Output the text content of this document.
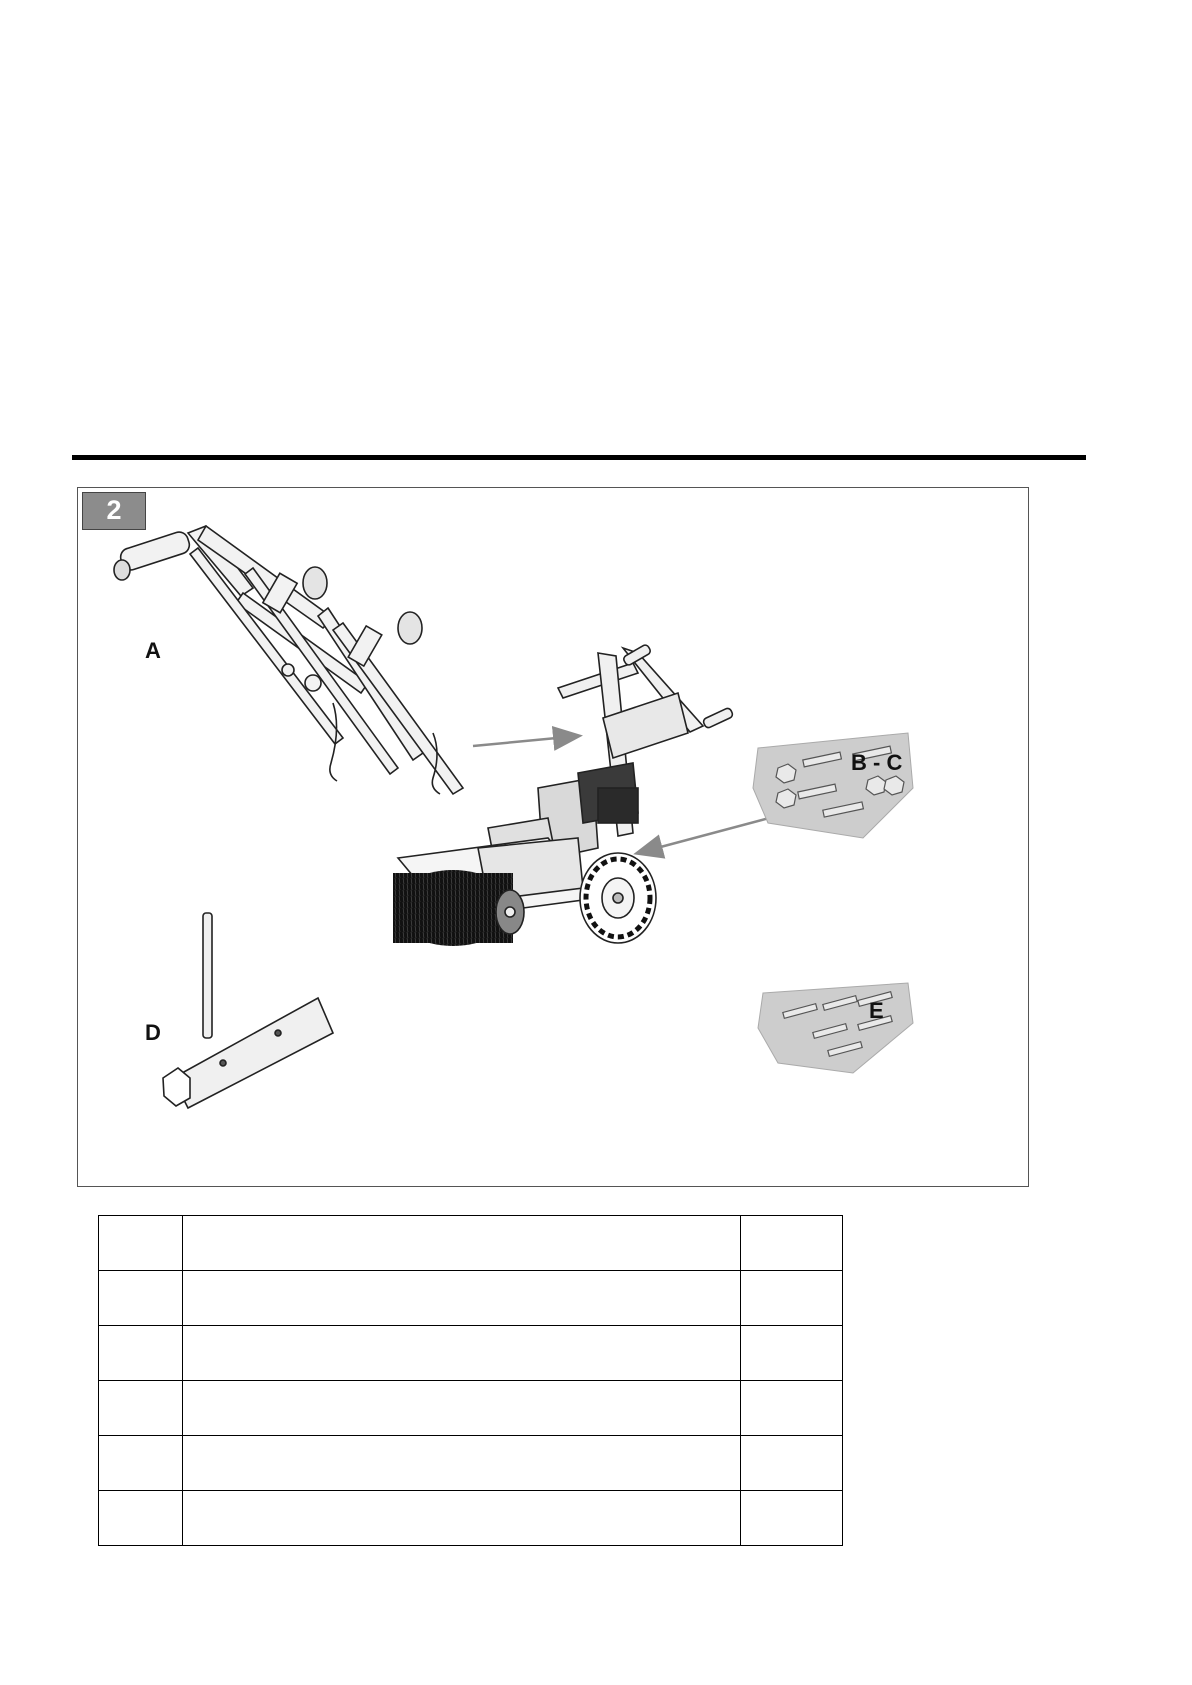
2
A
B - C
D
E
